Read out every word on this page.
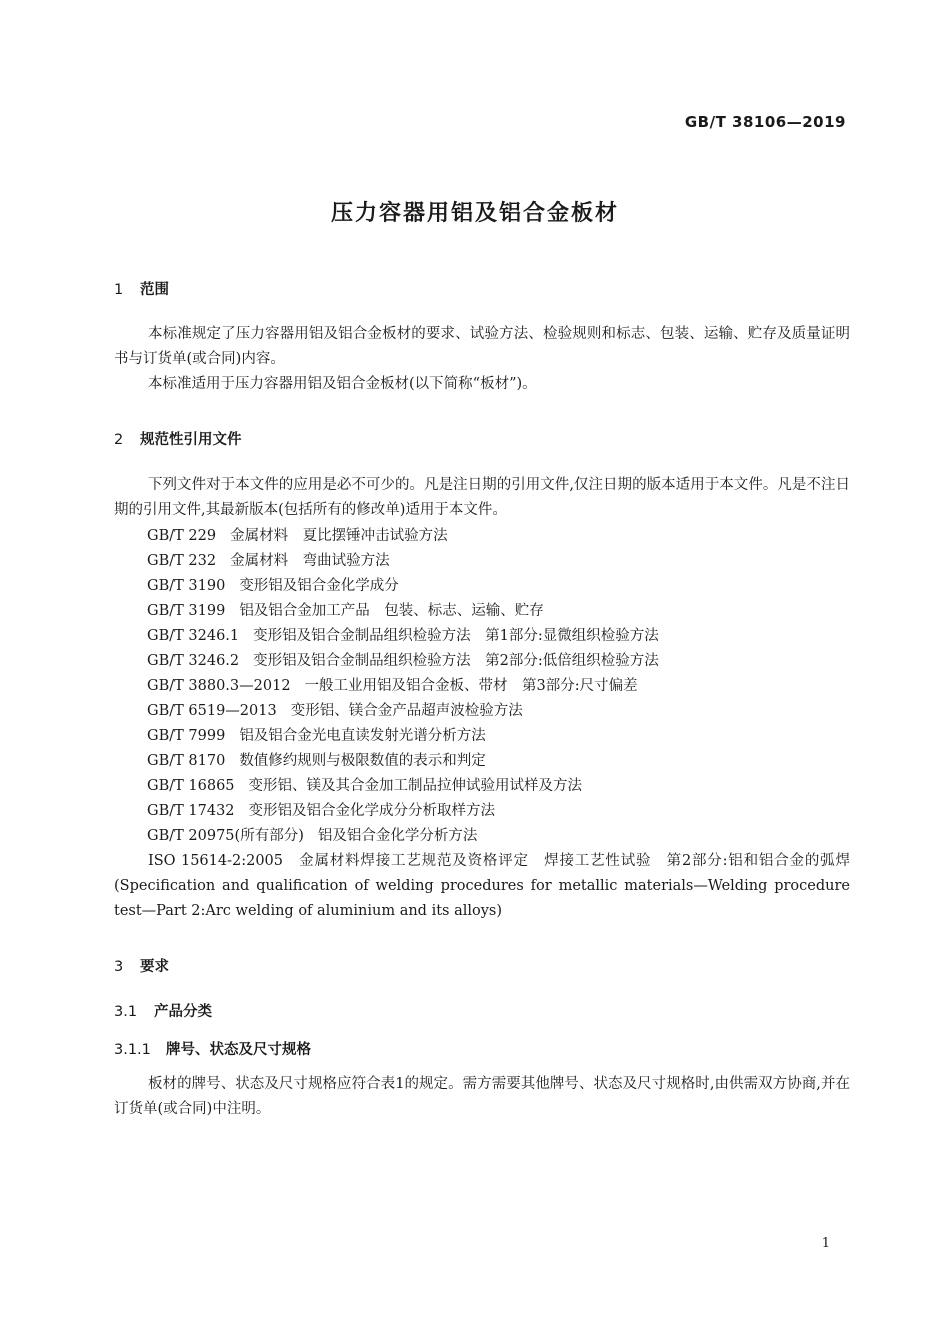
GB/T 38106—2019
压力容器用铝及铝合金板材
1 范围
本标准规定了压力容器用铝及铝合金板材的要求、试验方法、检验规则和标志、包装、运输、贮存及质量证明书与订货单(或合同)内容。
本标准适用于压力容器用铝及铝合金板材(以下简称“板材”)。
2 规范性引用文件
下列文件对于本文件的应用是必不可少的。凡是注日期的引用文件,仅注日期的版本适用于本文件。凡是不注日期的引用文件,其最新版本(包括所有的修改单)适用于本文件。
GB/T 229 金属材料　夏比摆锤冲击试验方法
GB/T 232 金属材料　弯曲试验方法
GB/T 3190 变形铝及铝合金化学成分
GB/T 3199 铝及铝合金加工产品　包装、标志、运输、贮存
GB/T 3246.1 变形铝及铝合金制品组织检验方法　第1部分:显微组织检验方法
GB/T 3246.2 变形铝及铝合金制品组织检验方法　第2部分:低倍组织检验方法
GB/T 3880.3—2012 一般工业用铝及铝合金板、带材　第3部分:尺寸偏差
GB/T 6519—2013 变形铝、镁合金产品超声波检验方法
GB/T 7999 铝及铝合金光电直读发射光谱分析方法
GB/T 8170 数值修约规则与极限数值的表示和判定
GB/T 16865 变形铝、镁及其合金加工制品拉伸试验用试样及方法
GB/T 17432 变形铝及铝合金化学成分分析取样方法
GB/T 20975(所有部分) 铝及铝合金化学分析方法
ISO 15614-2:2005　金属材料焊接工艺规范及资格评定　焊接工艺性试验　第2部分:铝和铝合金的弧焊(Specification and qualification of welding procedures for metallic materials—Welding procedure test—Part 2:Arc welding of aluminium and its alloys)
3 要求
3.1 产品分类
3.1.1 牌号、状态及尺寸规格
板材的牌号、状态及尺寸规格应符合表1的规定。需方需要其他牌号、状态及尺寸规格时,由供需双方协商,并在订货单(或合同)中注明。
1
